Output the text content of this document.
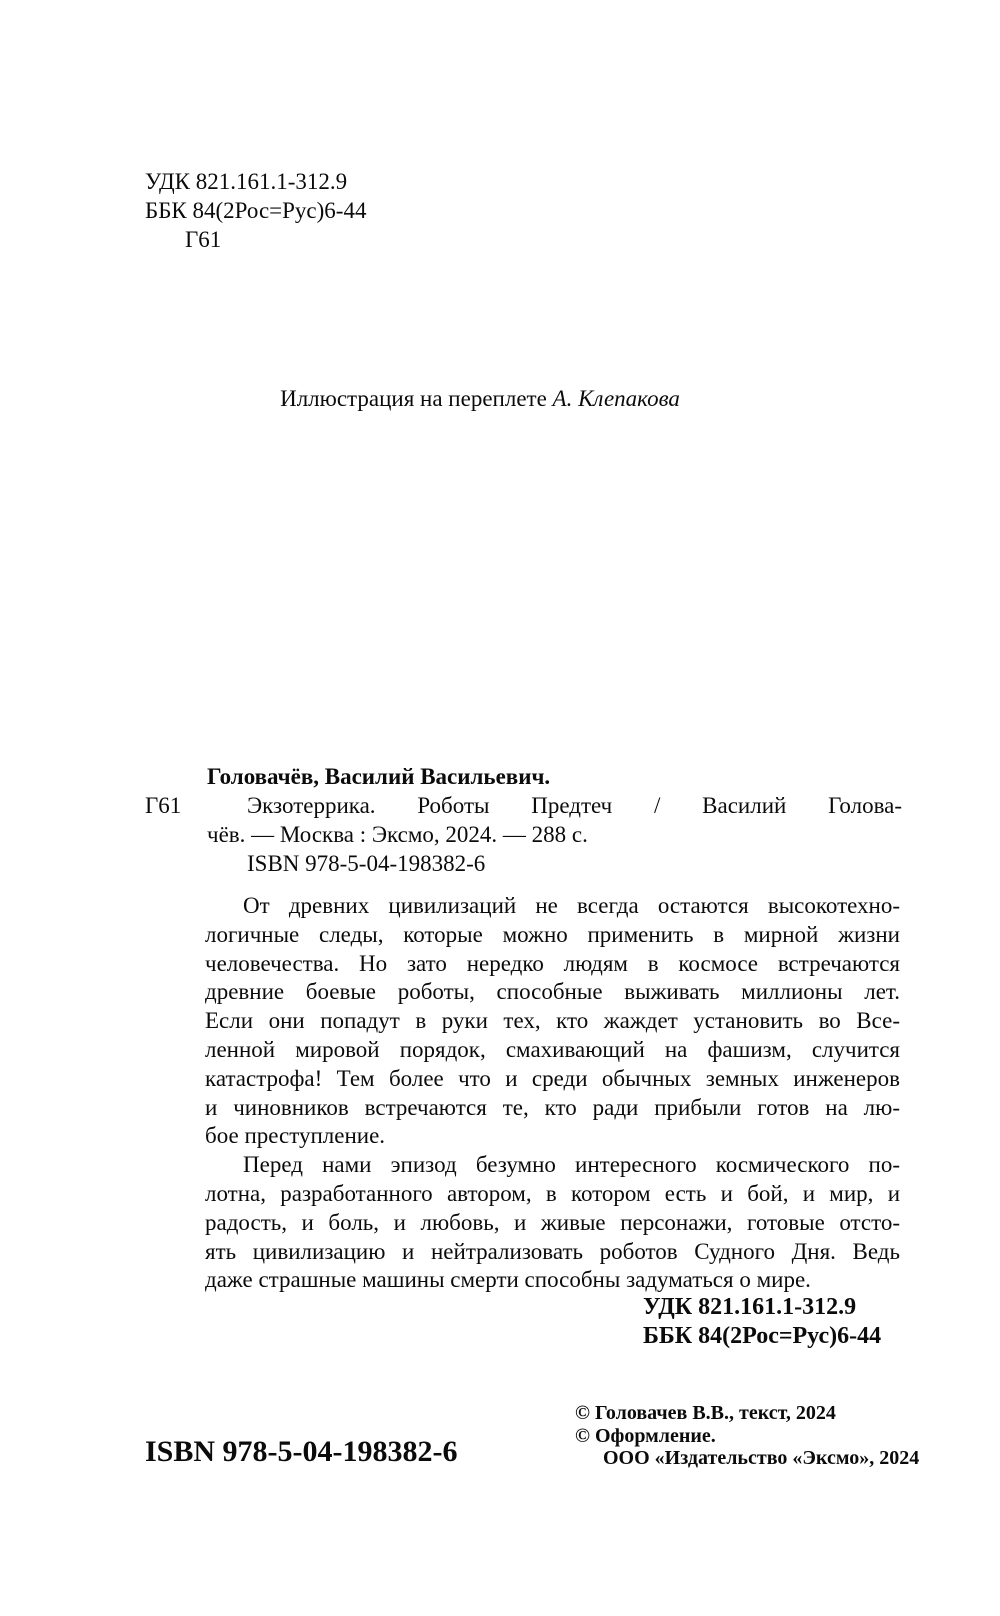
УДК 821.161.1-312.9
ББК 84(2Рос=Рус)6-44
Г61
Иллюстрация на переплете А. Клепакова
Головачёв, Василий Васильевич.
Г61	Экзотеррика. Роботы Предтеч / Василий Голова-
чёв. — Москва : Эксмо, 2024. — 288 с.
ISBN 978-5-04-198382-6
От древних цивилизаций не всегда остаются высокотехно-
логичные следы, которые можно применить в мирной жизни
человечества. Но зато нередко людям в космосе встречаются
древние боевые роботы, способные выживать миллионы лет.
Если они попадут в руки тех, кто жаждет установить во Все-
ленной мировой порядок, смахивающий на фашизм, случится
катастрофа! Тем более что и среди обычных земных инженеров
и чиновников встречаются те, кто ради прибыли готов на лю-
бое преступление.
Перед нами эпизод безумно интересного космического по-
лотна, разработанного автором, в котором есть и бой, и мир, и
радость, и боль, и любовь, и живые персонажи, готовые отсто-
ять цивилизацию и нейтрализовать роботов Судного Дня. Ведь
даже страшные машины смерти способны задуматься о мире.
УДК 821.161.1-312.9
ББК 84(2Рос=Рус)6-44
ISBN 978-5-04-198382-6
© Головачев В.В., текст, 2024
© Оформление.
ООО «Издательство «Эксмо», 2024
